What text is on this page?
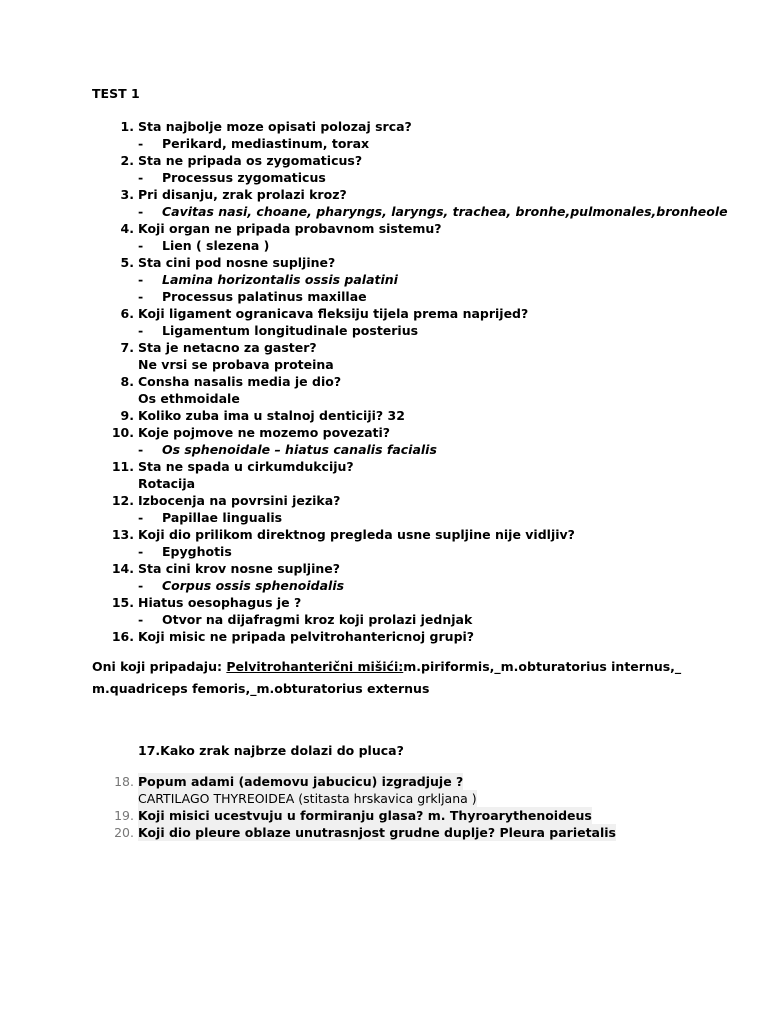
TEST 1
1. Sta najbolje moze opisati polozaj srca?
- Perikard, mediastinum, torax
2. Sta ne pripada os zygomaticus?
- Processus zygomaticus
3. Pri disanju, zrak prolazi kroz?
- Cavitas nasi, choane, pharyngs, laryngs, trachea, bronhe,pulmonales,bronheole
4. Koji organ ne pripada probavnom sistemu?
- Lien ( slezena )
5. Sta cini pod nosne supljine?
- Lamina horizontalis ossis palatini
- Processus palatinus maxillae
6. Koji ligament ogranicava fleksiju tijela prema naprijed?
- Ligamentum longitudinale posterius
7. Sta je netacno za gaster?
Ne vrsi se probava proteina
8. Consha nasalis media je dio?
Os ethmoidale
9. Koliko zuba ima u stalnoj denticiji? 32
10. Koje pojmove ne mozemo povezati?
- Os sphenoidale – hiatus canalis facialis
11. Sta ne spada u cirkumdukciju?
Rotacija
12. Izbocenja na povrsini jezika?
- Papillae lingualis
13. Koji dio prilikom direktnog pregleda usne supljine nije vidljiv?
- Epyghotis
14. Sta cini krov nosne supljine?
- Corpus ossis sphenoidalis
15. Hiatus oesophagus je ?
- Otvor na dijafragmi kroz koji prolazi jednjak
16. Koji misic ne pripada pelvitrohantericnoj grupi?
Oni koji pripadaju: Pelvitrohanterični mišići:m.piriformis,_m.obturatorius internus,_
m.quadriceps femoris,_m.obturatorius externus
17.Kako zrak najbrze dolazi do pluca?
18. Popum adami (ademovu jabucicu) izgradjuje ?
CARTILAGO THYREOIDEA (stitasta hrskavica grkljana )
19. Koji misici ucestvuju u formiranju glasa? m. Thyroarythenoideus
20. Koji dio pleure oblaze unutrasnjost grudne duplje? Pleura parietalis
